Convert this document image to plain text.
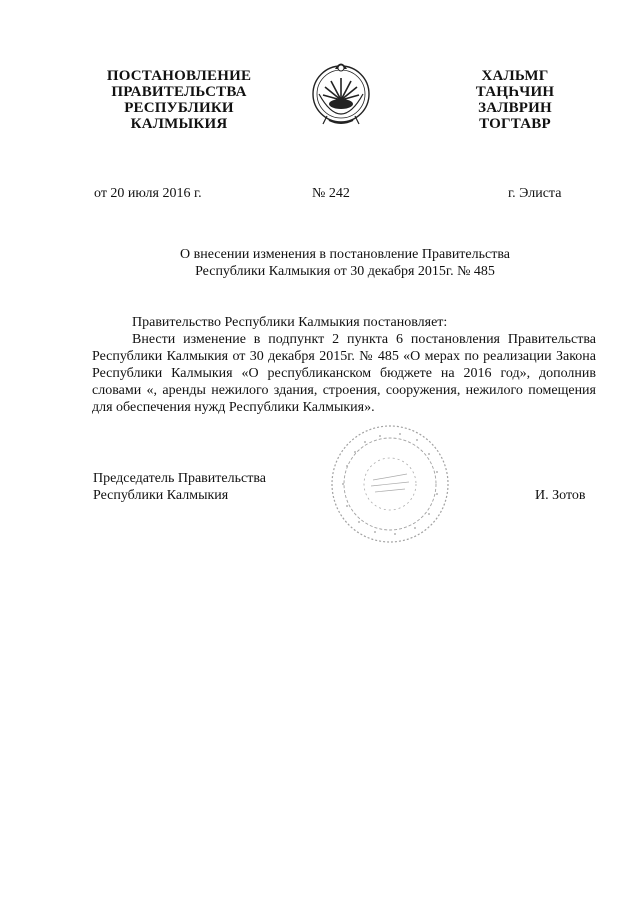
ПОСТАНОВЛЕНИЕ
ПРАВИТЕЛЬСТВА
РЕСПУБЛИКИ
КАЛМЫКИЯ
ХАЛЬМГ
ТАҢҺЧИН
ЗАЛВРИН
ТОГТАВР
от 20 июля 2016 г.	№ 242	г. Элиста
О внесении изменения в постановление Правительства
Республики Калмыкия от 30 декабря 2015г. № 485

Правительство Республики Калмыкия постановляет:

Внести изменение в подпункт 2 пункта 6 постановления Правительства Республики Калмыкия от 30 декабря 2015г. № 485 «О мерах по реализации Закона Республики Калмыкия «О республиканском бюджете на 2016 год», дополнив словами «, аренды нежилого здания, строения, сооружения, нежилого помещения для обеспечения нужд Республики Калмыкия».

Председатель Правительства
Республики Калмыкия	И. Зотов
